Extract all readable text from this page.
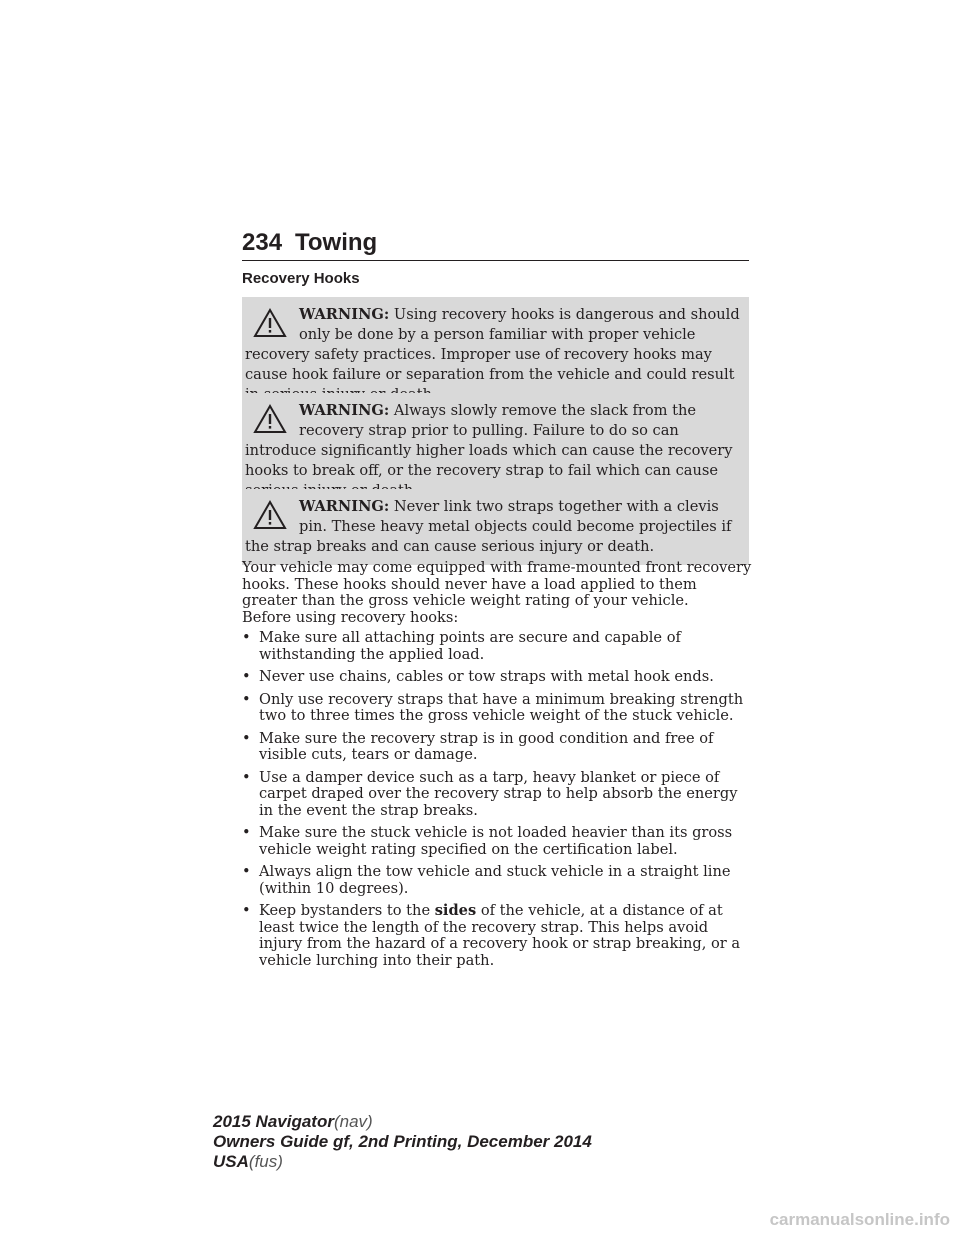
234 Towing
Recovery Hooks

WARNING: Using recovery hooks is dangerous and should only be done by a person familiar with proper vehicle recovery safety practices. Improper use of recovery hooks may cause hook failure or separation from the vehicle and could result

WARNING: Always slowly remove the slack from the recovery strap prior to pulling. Failure to do so can introduce significantly higher loads which can cause the recovery hooks to break off, or the recovery strap to fail which can cause

WARNING: Never link two straps together with a clevis pin. These heavy metal objects could become projectiles if the strap breaks and can cause serious injury or death.

Your vehicle may come equipped with frame-mounted front recovery hooks. These hooks should never have a load applied to them greater than the gross vehicle weight rating of your vehicle.

Before using recovery hooks:

• Make sure all attaching points are secure and capable of withstanding the applied load.
• Never use chains, cables or tow straps with metal hook ends.
• Only use recovery straps that have a minimum breaking strength two to three times the gross vehicle weight of the stuck vehicle.
• Make sure the recovery strap is in good condition and free of visible cuts, tears or damage.
• Use a damper device such as a tarp, heavy blanket or piece of carpet draped over the recovery strap to help absorb the energy in the event the strap breaks.
• Make sure the stuck vehicle is not loaded heavier than its gross vehicle weight rating specified on the certification label.
• Always align the tow vehicle and stuck vehicle in a straight line (within 10 degrees).
• Keep bystanders to the sides of the vehicle, at a distance of at least twice the length of the recovery strap. This helps avoid injury from the hazard of a recovery hook or strap breaking, or a vehicle lurching into their path.
2015 Navigator(nav)
Owners Guide gf, 2nd Printing, December 2014
USA(fus)
carmanualsonline.info
